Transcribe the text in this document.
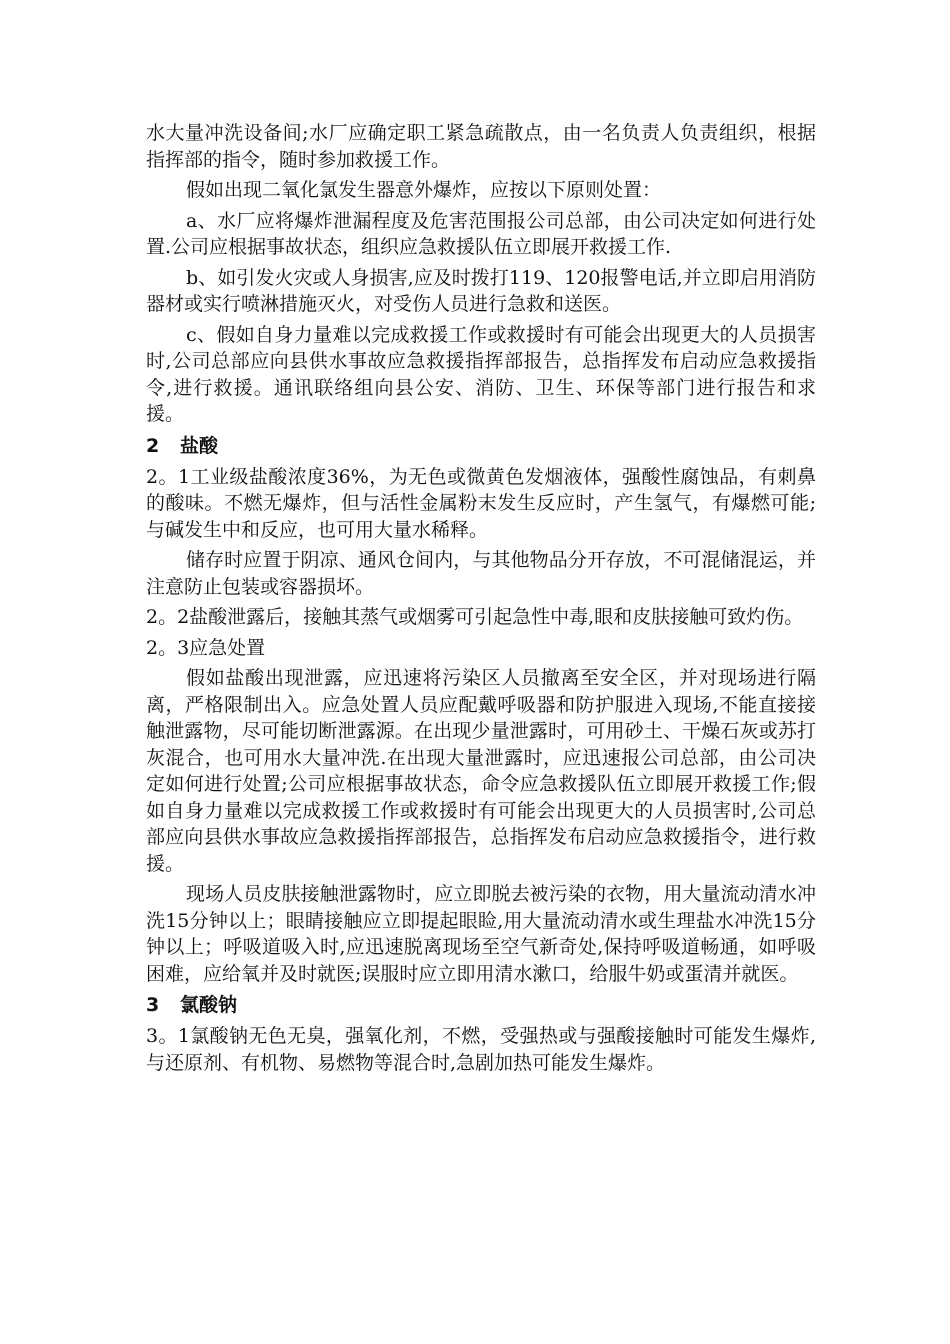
水大量冲洗设备间;水厂应确定职工紧急疏散点，由一名负责人负责组织，根据指挥部的指令，随时参加救援工作。

假如出现二氧化氯发生器意外爆炸，应按以下原则处置：

a、水厂应将爆炸泄漏程度及危害范围报公司总部，由公司决定如何进行处置.公司应根据事故状态，组织应急救援队伍立即展开救援工作.

b、如引发火灾或人身损害,应及时拨打119、120报警电话,并立即启用消防器材或实行喷淋措施灭火，对受伤人员进行急救和送医。

c、假如自身力量难以完成救援工作或救援时有可能会出现更大的人员损害时,公司总部应向县供水事故应急救援指挥部报告，总指挥发布启动应急救援指令,进行救援。通讯联络组向县公安、消防、卫生、环保等部门进行报告和求援。

2 盐酸

2。1工业级盐酸浓度36%，为无色或微黄色发烟液体，强酸性腐蚀品，有刺鼻的酸味。不燃无爆炸，但与活性金属粉末发生反应时，产生氢气，有爆燃可能;与碱发生中和反应，也可用大量水稀释。

储存时应置于阴凉、通风仓间内，与其他物品分开存放，不可混储混运，并注意防止包装或容器损坏。

2。2盐酸泄露后，接触其蒸气或烟雾可引起急性中毒,眼和皮肤接触可致灼伤。

2。3应急处置

假如盐酸出现泄露，应迅速将污染区人员撤离至安全区，并对现场进行隔离，严格限制出入。应急处置人员应配戴呼吸器和防护服进入现场,不能直接接触泄露物，尽可能切断泄露源。在出现少量泄露时，可用砂土、干燥石灰或苏打灰混合，也可用水大量冲洗.在出现大量泄露时，应迅速报公司总部，由公司决定如何进行处置;公司应根据事故状态，命令应急救援队伍立即展开救援工作;假如自身力量难以完成救援工作或救援时有可能会出现更大的人员损害时,公司总部应向县供水事故应急救援指挥部报告，总指挥发布启动应急救援指令，进行救援。

现场人员皮肤接触泄露物时，应立即脱去被污染的衣物，用大量流动清水冲洗15分钟以上；眼睛接触应立即提起眼睑,用大量流动清水或生理盐水冲洗15分钟以上；呼吸道吸入时,应迅速脱离现场至空气新奇处,保持呼吸道畅通，如呼吸困难，应给氧并及时就医;误服时应立即用清水漱口，给服牛奶或蛋清并就医。

3 氯酸钠

3。1氯酸钠无色无臭，强氧化剂，不燃，受强热或与强酸接触时可能发生爆炸,与还原剂、有机物、易燃物等混合时,急剧加热可能发生爆炸。
